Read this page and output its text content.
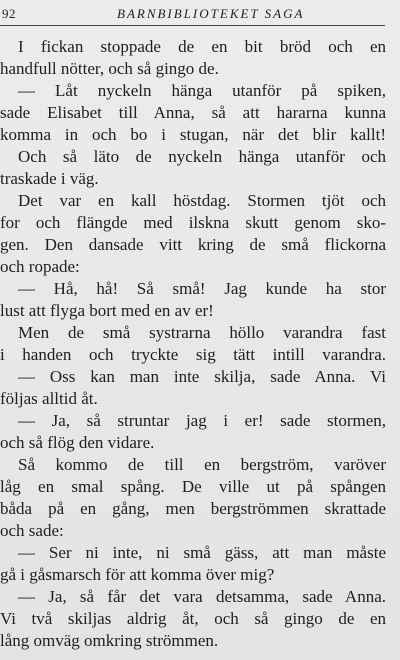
92	BARNBIBLIOTEKET SAGA
I fickan stoppade de en bit bröd och en
handfull nötter, och så gingo de.
— Låt nyckeln hänga utanför på spiken,
sade Elisabet till Anna, så att hararna kunna
komma in och bo i stugan, när det blir kallt!
Och så läto de nyckeln hänga utanför och
traskade i väg.
Det var en kall höstdag. Stormen tjöt och
for och flängde med ilskna skutt genom sko-
gen. Den dansade vitt kring de små flickorna
och ropade:
— Hå, hå! Så små! Jag kunde ha stor
lust att flyga bort med en av er!
Men de små systrarna höllo varandra fast
i handen och tryckte sig tätt intill varandra.
— Oss kan man inte skilja, sade Anna. Vi
följas alltid åt.
— Ja, så struntar jag i er! sade stormen,
och så flög den vidare.
Så kommo de till en bergström, varöver
låg en smal spång. De ville ut på spången
båda på en gång, men bergströmmen skrattade
och sade:
— Ser ni inte, ni små gäss, att man måste
gå i gåsmarsch för att komma över mig?
— Ja, så får det vara detsamma, sade Anna.
Vi två skiljas aldrig åt, och så gingo de en
lång omväg omkring strömmen.
